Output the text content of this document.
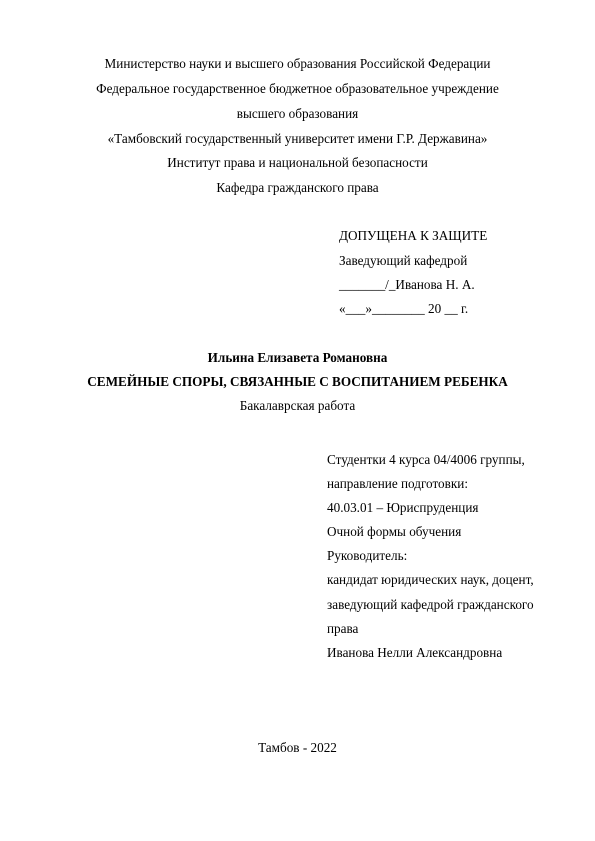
Министерство науки и высшего образования Российской Федерации
Федеральное государственное бюджетное образовательное учреждение
высшего образования
«Тамбовский государственный университет имени Г.Р. Державина»
Институт права и национальной безопасности
Кафедра гражданского права
ДОПУЩЕНА К ЗАЩИТЕ
Заведующий кафедрой
_______/_Иванова Н. А.
«___»________ 20 __ г.
Ильина Елизавета Романовна
СЕМЕЙНЫЕ СПОРЫ, СВЯЗАННЫЕ С ВОСПИТАНИЕМ РЕБЕНКА
Бакалаврская работа
Студентки 4 курса 04/4006 группы,
направление подготовки:
40.03.01 – Юриспруденция
Очной формы обучения
Руководитель:
кандидат юридических наук, доцент,
заведующий кафедрой гражданского
права
Иванова Нелли Александровна
Тамбов - 2022
